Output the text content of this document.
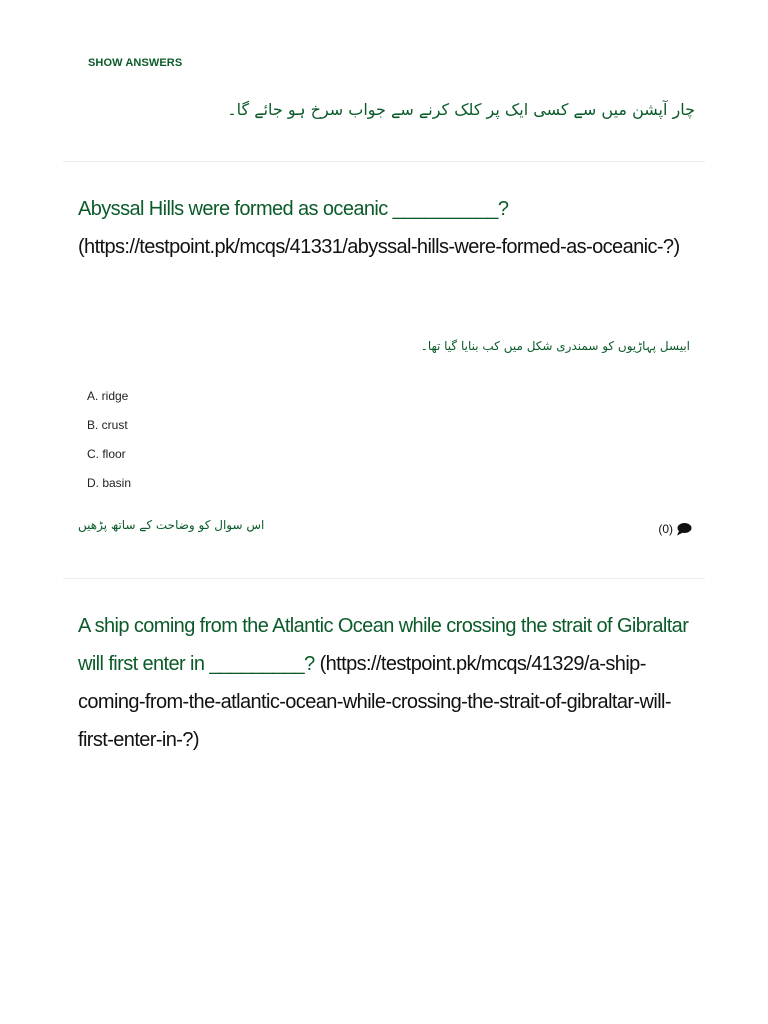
SHOW ANSWERS
چار آپشن میں سے کسی ایک پر کلک کرنے سے جواب سرخ ہو جائے گا۔
Abyssal Hills were formed as oceanic __________? (https://testpoint.pk/mcqs/41331/abyssal-hills-were-formed-as-oceanic-?)
ابیسل پہاڑیوں کو سمندری شکل میں کب بنایا گیا تھا۔
A. ridge
B. crust
C. floor
D. basin
اس سوال کو وضاحت کے ساتھ پڑھیں	(0)
A ship coming from the Atlantic Ocean while crossing the strait of Gibraltar will first enter in _________? (https://testpoint.pk/mcqs/41329/a-ship-coming-from-the-atlantic-ocean-while-crossing-the-strait-of-gibraltar-will-first-enter-in-?)
